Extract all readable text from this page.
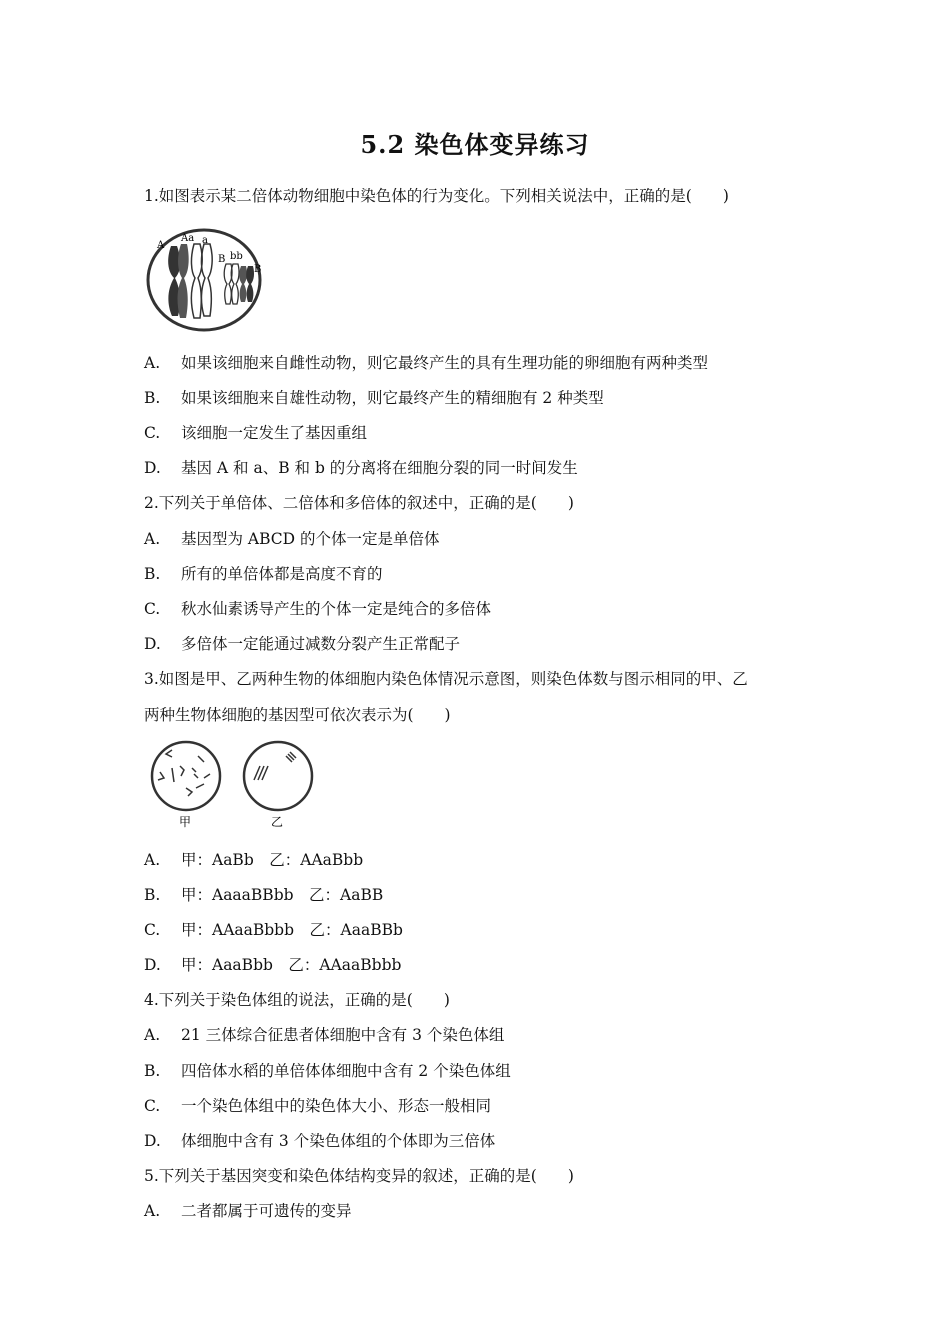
5.2 染色体变异练习
1.如图表示某二倍体动物细胞中染色体的行为变化。下列相关说法中，正确的是(　　)
A
Aa a
B bb
B
A. 如果该细胞来自雌性动物，则它最终产生的具有生理功能的卵细胞有两种类型
B. 如果该细胞来自雄性动物，则它最终产生的精细胞有 2 种类型
C. 该细胞一定发生了基因重组
D. 基因 A 和 a、B 和 b 的分离将在细胞分裂的同一时间发生
2.下列关于单倍体、二倍体和多倍体的叙述中，正确的是(　　)
A. 基因型为 ABCD 的个体一定是单倍体
B. 所有的单倍体都是高度不育的
C. 秋水仙素诱导产生的个体一定是纯合的多倍体
D. 多倍体一定能通过减数分裂产生正常配子
3.如图是甲、乙两种生物的体细胞内染色体情况示意图，则染色体数与图示相同的甲、乙
两种生物体细胞的基因型可依次表示为(　　)
甲	乙
A. 甲：AaBb　乙：AAaBbb
B. 甲：AaaaBBbb　乙：AaBB
C. 甲：AAaaBbbb　乙：AaaBBb
D. 甲：AaaBbb　乙：AAaaBbbb
4.下列关于染色体组的说法，正确的是(　　)
A. 21 三体综合征患者体细胞中含有 3 个染色体组
B. 四倍体水稻的单倍体体细胞中含有 2 个染色体组
C. 一个染色体组中的染色体大小、形态一般相同
D. 体细胞中含有 3 个染色体组的个体即为三倍体
5.下列关于基因突变和染色体结构变异的叙述，正确的是(　　)
A. 二者都属于可遗传的变异
